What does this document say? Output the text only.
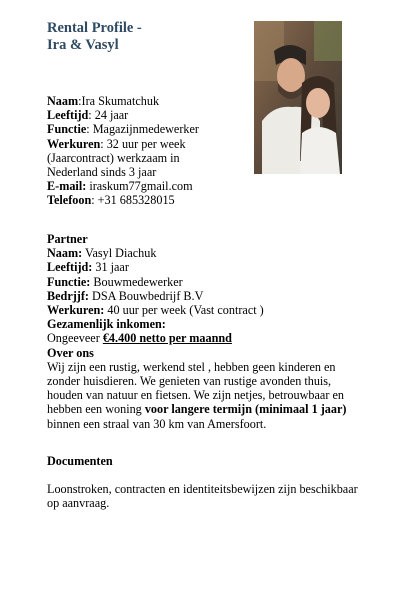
Rental Profile -
Ira & Vasyl
Naam:Ira Skumatchuk
Leeftijd: 24 jaar
Functie: Magazijnmedewerker
Werkuren: 32 uur per week
(Jaarcontract) werkzaam in
Nederland sinds 3 jaar
E-mail: iraskum77gmail.com
Telefoon: +31 685328015
Partner
Naam: Vasyl Diachuk
Leeftijd: 31 jaar
Functie: Bouwmedewerker
Bedrjjf: DSA Bouwbedrijf B.V
Werkuren: 40 uur per week (Vast contract )
Gezamenlijk inkomen:
Ongeevеer €4.400 netto per maannd
Over ons
Wij zijn een rustig, werkend stel , hebben geen kinderen en zonder huisdieren. We genieten van rustige avonden thuis, houden van natuur en fietsen. We zijn netjes, betrouwbaar en hebben een woning voor langere termijn (minimaal 1 jaar) binnen een straal van 30 km van Amersfoort.
Documenten
Loonstroken, contracten en identiteitsbewijzen zijn beschikbaar op aanvraag.
